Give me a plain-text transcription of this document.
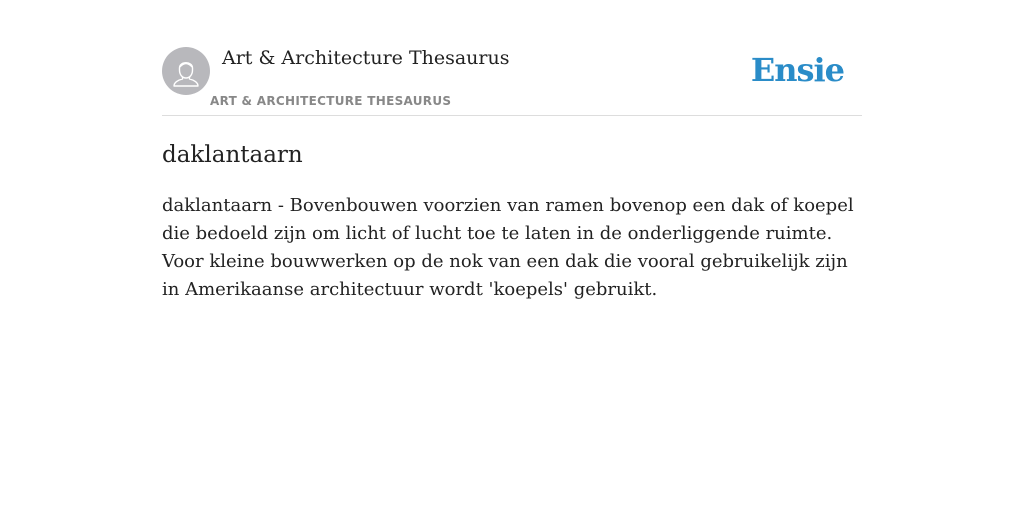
Art & Architecture Thesaurus
ART & ARCHITECTURE THESAURUS
Ensie
daklantaarn

daklantaarn - Bovenbouwen voorzien van ramen bovenop een dak of koepel die bedoeld zijn om licht of lucht toe te laten in de onderliggende ruimte. Voor kleine bouwwerken op de nok van een dak die vooral gebruikelijk zijn in Amerikaanse architectuur wordt 'koepels' gebruikt.
